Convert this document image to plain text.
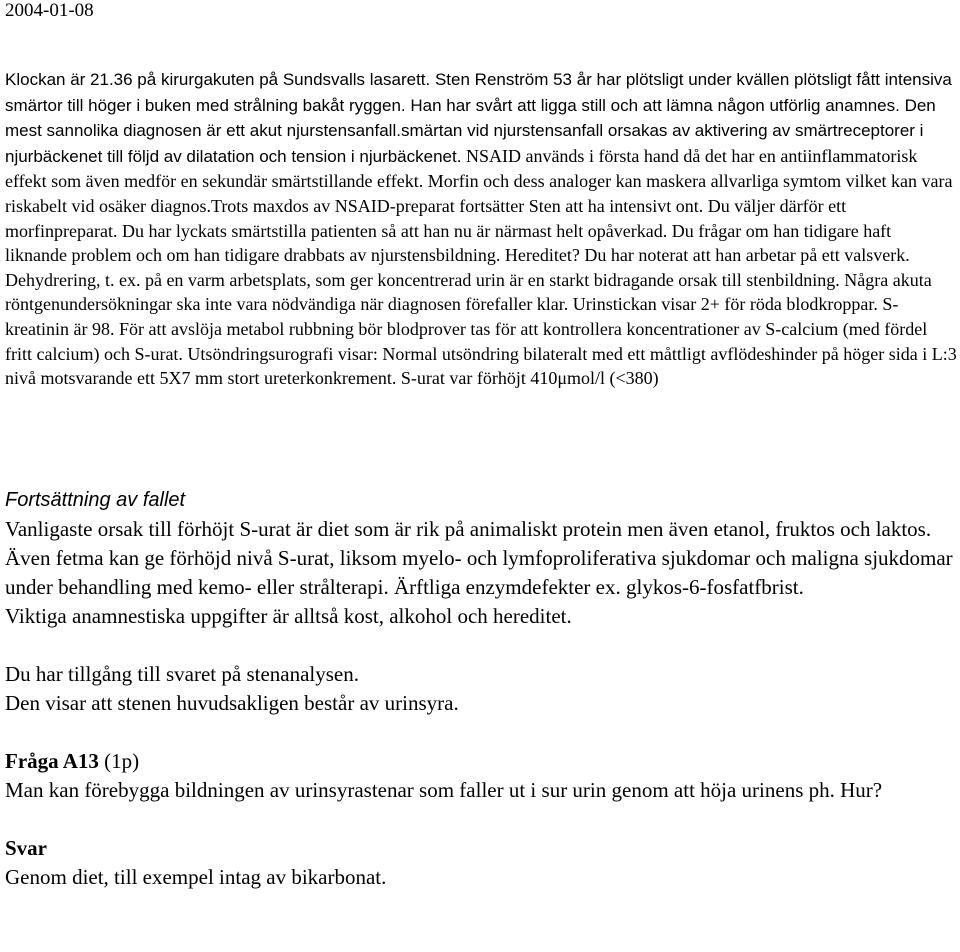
2004-01-08

Klockan är 21.36 på kirurgakuten på Sundsvalls lasarett. Sten Renström 53 år har plötsligt under kvällen plötsligt fått intensiva smärtor till höger i buken med strålning bakåt ryggen. Han har svårt att ligga still och att lämna någon utförlig anamnes. Den mest sannolika diagnosen är ett akut njurstensanfall.smärtan vid njurstensanfall orsakas av aktivering av smärtreceptorer i njurbäckenet till följd av dilatation och tension i njurbäckenet. NSAID används i första hand då det har en antiinflammatorisk effekt som även medför en sekundär smärtstillande effekt. Morfin och dess analoger kan maskera allvarliga symtom vilket kan vara riskabelt vid osäker diagnos.Trots maxdos av NSAID-preparat fortsätter Sten att ha intensivt ont. Du väljer därför ett morfinpreparat. Du har lyckats smärtstilla patienten så att han nu är närmast helt opåverkad. Du frågar om han tidigare haft liknande problem och om han tidigare drabbats av njurstensbildning. Hereditet? Du har noterat att han arbetar på ett valsverk. Dehydrering, t. ex. på en varm arbetsplats, som ger koncentrerad urin är en starkt bidragande orsak till stenbildning. Några akuta röntgenundersökningar ska inte vara nödvändiga när diagnosen förefaller klar. Urinstickan visar 2+ för röda blodkroppar. S-kreatinin är 98. För att avslöja metabol rubbning bör blodprover tas för att kontrollera koncentrationer av S-calcium (med fördel fritt calcium) och S-urat. Utsöndringsurografi visar: Normal utsöndring bilateralt med ett måttligt avflödeshinder på höger sida i L:3 nivå motsvarande ett 5X7 mm stort ureterkonkrement. S-urat var förhöjt 410μmol/l (<380)

Fortsättning av fallet

Vanligaste orsak till förhöjt S-urat är diet som är rik på animaliskt protein men även etanol, fruktos och laktos. Även fetma kan ge förhöjd nivå S-urat, liksom myelo- och lymfoproliferativa sjukdomar och maligna sjukdomar under behandling med kemo- eller strålterapi. Ärftliga enzymdefekter ex. glykos-6-fosfatfbrist.

Viktiga anamnestiska uppgifter är alltså kost, alkohol och hereditet.

Du har tillgång till svaret på stenanalysen.

Den visar att stenen huvudsakligen består av urinsyra.

Fråga A13 (1p)

Man kan förebygga bildningen av urinsyrastenar som faller ut i sur urin genom att höja urinens ph. Hur?

Svar

Genom diet, till exempel intag av bikarbonat.
